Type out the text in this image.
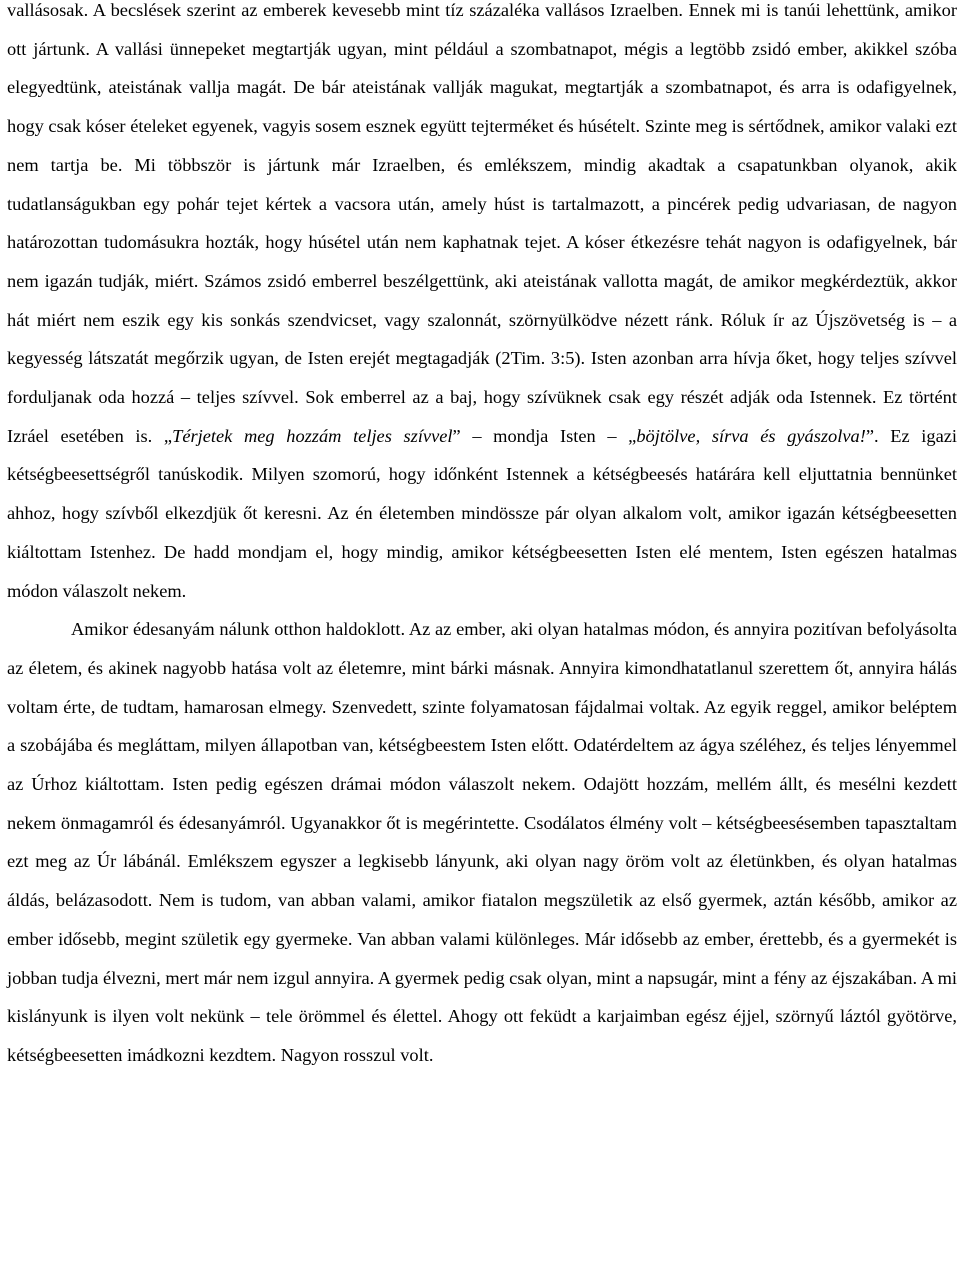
vallásosak. A becslések szerint az emberek kevesebb mint tíz százaléka vallásos Izraelben. Ennek mi is tanúi lehettünk, amikor ott jártunk. A vallási ünnepeket megtartják ugyan, mint például a szombatnapot, mégis a legtöbb zsidó ember, akikkel szóba elegyedtünk, ateistának vallja magát. De bár ateistának vallják magukat, megtartják a szombatnapot, és arra is odafigyelnek, hogy csak kóser ételeket egyenek, vagyis sosem esznek együtt tejterméket és húsételt. Szinte meg is sértődnek, amikor valaki ezt nem tartja be. Mi többször is jártunk már Izraelben, és emlékszem, mindig akadtak a csapatunkban olyanok, akik tudatlanságukban egy pohár tejet kértek a vacsora után, amely húst is tartalmazott, a pincérek pedig udvariasan, de nagyon határozottan tudomásukra hozták, hogy húsétel után nem kaphatnak tejet. A kóser étkezésre tehát nagyon is odafigyelnek, bár nem igazán tudják, miért. Számos zsidó emberrel beszélgettünk, aki ateistának vallotta magát, de amikor megkérdeztük, akkor hát miért nem eszik egy kis sonkás szendvicset, vagy szalonnát, szörnyülködve nézett ránk. Róluk ír az Újszövetség is – a kegyesség látszatát megőrzik ugyan, de Isten erejét megtagadják (2Tim. 3:5). Isten azonban arra hívja őket, hogy teljes szívvel forduljanak oda hozzá – teljes szívvel. Sok emberrel az a baj, hogy szívüknek csak egy részét adják oda Istennek. Ez történt Izráel esetében is. „Térjetek meg hozzám teljes szívvel” – mondja Isten – „böjtölve, sírva és gyászolva!”. Ez igazi kétségbeesettségről tanúskodik. Milyen szomorú, hogy időnként Istennek a kétségbeesés határára kell eljuttatnia bennünket ahhoz, hogy szívből elkezdjük őt keresni. Az én életemben mindössze pár olyan alkalom volt, amikor igazán kétségbeesetten kiáltottam Istenhez. De hadd mondjam el, hogy mindig, amikor kétségbeesetten Isten elé mentem, Isten egészen hatalmas módon válaszolt nekem.

Amikor édesanyám nálunk otthon haldoklott. Az az ember, aki olyan hatalmas módon, és annyira pozitívan befolyásolta az életem, és akinek nagyobb hatása volt az életemre, mint bárki másnak. Annyira kimondhatatlanul szerettem őt, annyira hálás voltam érte, de tudtam, hamarosan elmegy. Szenvedett, szinte folyamatosan fájdalmai voltak. Az egyik reggel, amikor beléptem a szobájába és megláttam, milyen állapotban van, kétségbeestem Isten előtt. Odatérdeltem az ágya széléhez, és teljes lényemmel az Úrhoz kiáltottam. Isten pedig egészen drámai módon válaszolt nekem. Odajött hozzám, mellém állt, és mesélni kezdett nekem önmagamról és édesanyámról. Ugyanakkor őt is megérintette. Csodálatos élmény volt – kétségbeesésemben tapasztaltam ezt meg az Úr lábánál. Emlékszem egyszer a legkisebb lányunk, aki olyan nagy öröm volt az életünkben, és olyan hatalmas áldás, belázasodott. Nem is tudom, van abban valami, amikor fiatalon megszületik az első gyermek, aztán később, amikor az ember idősebb, megint születik egy gyermeke. Van abban valami különleges. Már idősebb az ember, érettebb, és a gyermekét is jobban tudja élvezni, mert már nem izgul annyira. A gyermek pedig csak olyan, mint a napsugár, mint a fény az éjszakában. A mi kislányunk is ilyen volt nekünk – tele örömmel és élettel. Ahogy ott feküdt a karjaimban egész éjjel, szörnyű láztól gyötörve, kétségbeesetten imádkozni kezdtem. Nagyon rosszul volt.
